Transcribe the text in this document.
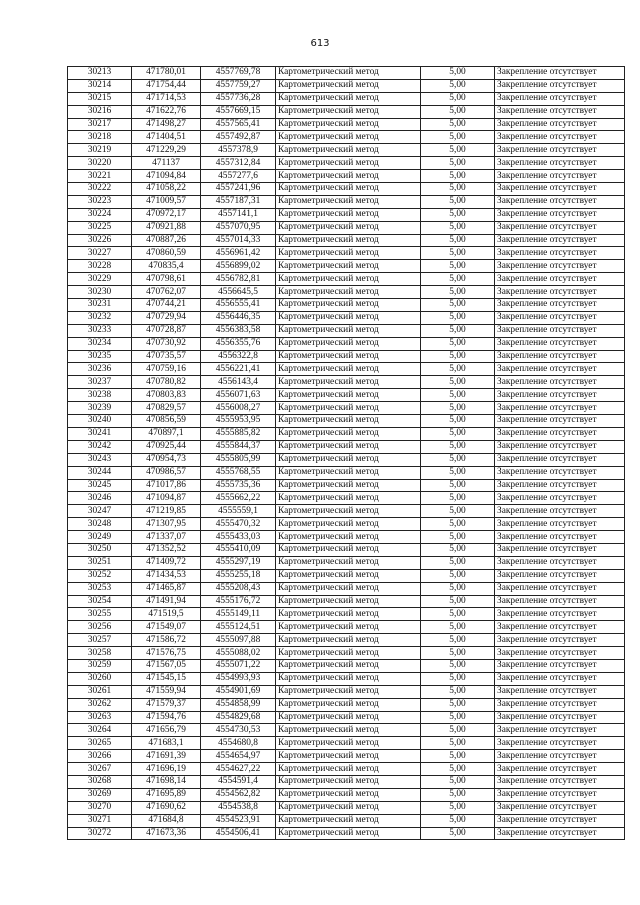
613
30213	471780,01	4557769,78	Картометрический метод	5,00	Закрепление отсутствует
30214	471754,44	4557759,27	Картометрический метод	5,00	Закрепление отсутствует
30215	471714,53	4557736,28	Картометрический метод	5,00	Закрепление отсутствует
30216	471622,76	4557669,15	Картометрический метод	5,00	Закрепление отсутствует
30217	471498,27	4557565,41	Картометрический метод	5,00	Закрепление отсутствует
30218	471404,51	4557492,87	Картометрический метод	5,00	Закрепление отсутствует
30219	471229,29	4557378,9	Картометрический метод	5,00	Закрепление отсутствует
30220	471137	4557312,84	Картометрический метод	5,00	Закрепление отсутствует
30221	471094,84	4557277,6	Картометрический метод	5,00	Закрепление отсутствует
30222	471058,22	4557241,96	Картометрический метод	5,00	Закрепление отсутствует
30223	471009,57	4557187,31	Картометрический метод	5,00	Закрепление отсутствует
30224	470972,17	4557141,1	Картометрический метод	5,00	Закрепление отсутствует
30225	470921,88	4557070,95	Картометрический метод	5,00	Закрепление отсутствует
30226	470887,26	4557014,33	Картометрический метод	5,00	Закрепление отсутствует
30227	470860,59	4556961,42	Картометрический метод	5,00	Закрепление отсутствует
30228	470835,4	4556899,02	Картометрический метод	5,00	Закрепление отсутствует
30229	470798,61	4556782,81	Картометрический метод	5,00	Закрепление отсутствует
30230	470762,07	4556645,5	Картометрический метод	5,00	Закрепление отсутствует
30231	470744,21	4556555,41	Картометрический метод	5,00	Закрепление отсутствует
30232	470729,94	4556446,35	Картометрический метод	5,00	Закрепление отсутствует
30233	470728,87	4556383,58	Картометрический метод	5,00	Закрепление отсутствует
30234	470730,92	4556355,76	Картометрический метод	5,00	Закрепление отсутствует
30235	470735,57	4556322,8	Картометрический метод	5,00	Закрепление отсутствует
30236	470759,16	4556221,41	Картометрический метод	5,00	Закрепление отсутствует
30237	470780,82	4556143,4	Картометрический метод	5,00	Закрепление отсутствует
30238	470803,83	4556071,63	Картометрический метод	5,00	Закрепление отсутствует
30239	470829,57	4556008,27	Картометрический метод	5,00	Закрепление отсутствует
30240	470856,59	4555953,95	Картометрический метод	5,00	Закрепление отсутствует
30241	470897,1	4555885,82	Картометрический метод	5,00	Закрепление отсутствует
30242	470925,44	4555844,37	Картометрический метод	5,00	Закрепление отсутствует
30243	470954,73	4555805,99	Картометрический метод	5,00	Закрепление отсутствует
30244	470986,57	4555768,55	Картометрический метод	5,00	Закрепление отсутствует
30245	471017,86	4555735,36	Картометрический метод	5,00	Закрепление отсутствует
30246	471094,87	4555662,22	Картометрический метод	5,00	Закрепление отсутствует
30247	471219,85	4555559,1	Картометрический метод	5,00	Закрепление отсутствует
30248	471307,95	4555470,32	Картометрический метод	5,00	Закрепление отсутствует
30249	471337,07	4555433,03	Картометрический метод	5,00	Закрепление отсутствует
30250	471352,52	4555410,09	Картометрический метод	5,00	Закрепление отсутствует
30251	471409,72	4555297,19	Картометрический метод	5,00	Закрепление отсутствует
30252	471434,53	4555255,18	Картометрический метод	5,00	Закрепление отсутствует
30253	471465,87	4555208,43	Картометрический метод	5,00	Закрепление отсутствует
30254	471491,94	4555176,72	Картометрический метод	5,00	Закрепление отсутствует
30255	471519,5	4555149,11	Картометрический метод	5,00	Закрепление отсутствует
30256	471549,07	4555124,51	Картометрический метод	5,00	Закрепление отсутствует
30257	471586,72	4555097,88	Картометрический метод	5,00	Закрепление отсутствует
30258	471576,75	4555088,02	Картометрический метод	5,00	Закрепление отсутствует
30259	471567,05	4555071,22	Картометрический метод	5,00	Закрепление отсутствует
30260	471545,15	4554993,93	Картометрический метод	5,00	Закрепление отсутствует
30261	471559,94	4554901,69	Картометрический метод	5,00	Закрепление отсутствует
30262	471579,37	4554858,99	Картометрический метод	5,00	Закрепление отсутствует
30263	471594,76	4554829,68	Картометрический метод	5,00	Закрепление отсутствует
30264	471656,79	4554730,53	Картометрический метод	5,00	Закрепление отсутствует
30265	471683,1	4554680,8	Картометрический метод	5,00	Закрепление отсутствует
30266	471691,39	4554654,97	Картометрический метод	5,00	Закрепление отсутствует
30267	471696,19	4554627,22	Картометрический метод	5,00	Закрепление отсутствует
30268	471698,14	4554591,4	Картометрический метод	5,00	Закрепление отсутствует
30269	471695,89	4554562,82	Картометрический метод	5,00	Закрепление отсутствует
30270	471690,62	4554538,8	Картометрический метод	5,00	Закрепление отсутствует
30271	471684,8	4554523,91	Картометрический метод	5,00	Закрепление отсутствует
30272	471673,36	4554506,41	Картометрический метод	5,00	Закрепление отсутствует
